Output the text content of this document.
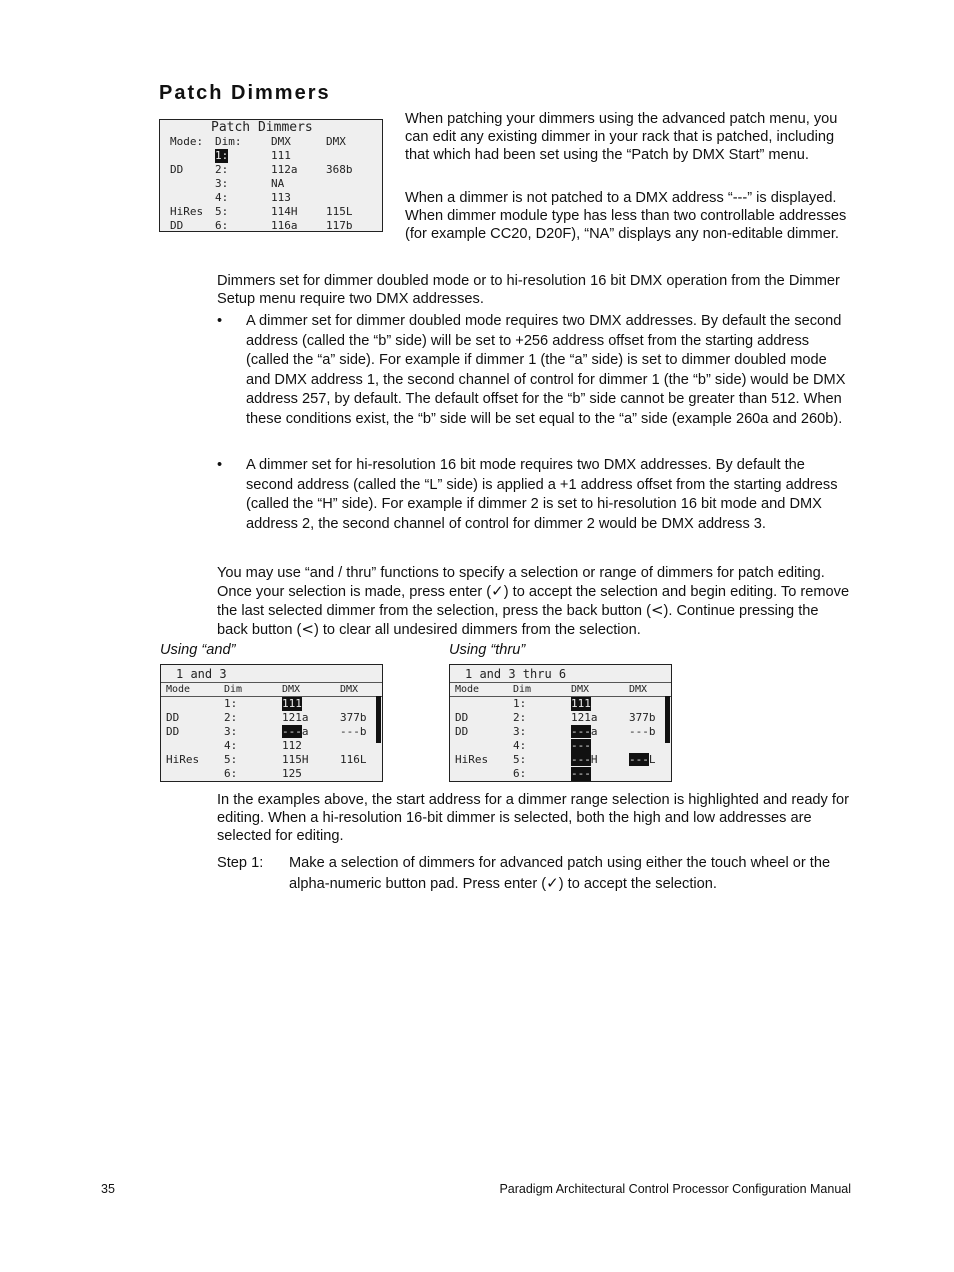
Patch Dimmers
Patch Dimmers
Mode: Dim:	DMX	DMX
1:	111
DD	2:	112a	368b
3:	NA
4:	113
HiRes 5:	114H	115L
DD	6:	116a	117b

When patching your dimmers using the advanced patch menu, you can edit any existing dimmer in your rack that is patched, including that which had been set using the “Patch by DMX Start” menu.

When a dimmer is not patched to a DMX address “---” is displayed. When dimmer module type has less than two controllable addresses (for example CC20, D20F), “NA” displays any non-editable dimmer.

Dimmers set for dimmer doubled mode or to hi-resolution 16 bit DMX operation from the Dimmer Setup menu require two DMX addresses.

• A dimmer set for dimmer doubled mode requires two DMX addresses. By default the second address (called the “b” side) will be set to +256 address offset from the starting address (called the “a” side). For example if dimmer 1 (the “a” side) is set to dimmer doubled mode and DMX address 1, the second channel of control for dimmer 1 (the “b” side) would be DMX address 257, by default. The default offset for the “b” side cannot be greater than 512. When these conditions exist, the “b” side will be set equal to the “a” side (example 260a and 260b).

• A dimmer set for hi-resolution 16 bit mode requires two DMX addresses. By default the second address (called the “L” side) is applied a +1 address offset from the starting address (called the “H” side). For example if dimmer 2 is set to hi-resolution 16 bit mode and DMX address 2, the second channel of control for dimmer 2 would be DMX address 3.

You may use “and / thru” functions to specify a selection or range of dimmers for patch editing. Once your selection is made, press enter (✓) to accept the selection and begin editing. To remove the last selected dimmer from the selection, press the back button (<). Continue pressing the back button (<) to clear all undesired dimmers from the selection.

Using “and”	Using “thru”
1 and 3
Mode	Dim	DMX	DMX
1:	111
DD	2:	121a	377b
DD	3:	---a	---b
4:	112
HiRes 5:	115H	116L
6:	125
1 and 3 thru 6
Mode	Dim	DMX	DMX
1:	111
DD	2:	121a	377b
DD	3:	---a	---b
4:	---
HiRes 5:	---H	---L
6:	---

In the examples above, the start address for a dimmer range selection is highlighted and ready for editing. When a hi-resolution 16-bit dimmer is selected, both the high and low addresses are selected for editing.

Step 1: Make a selection of dimmers for advanced patch using either the touch wheel or the alpha-numeric button pad. Press enter (✓) to accept the selection.

35	Paradigm Architectural Control Processor Configuration Manual
